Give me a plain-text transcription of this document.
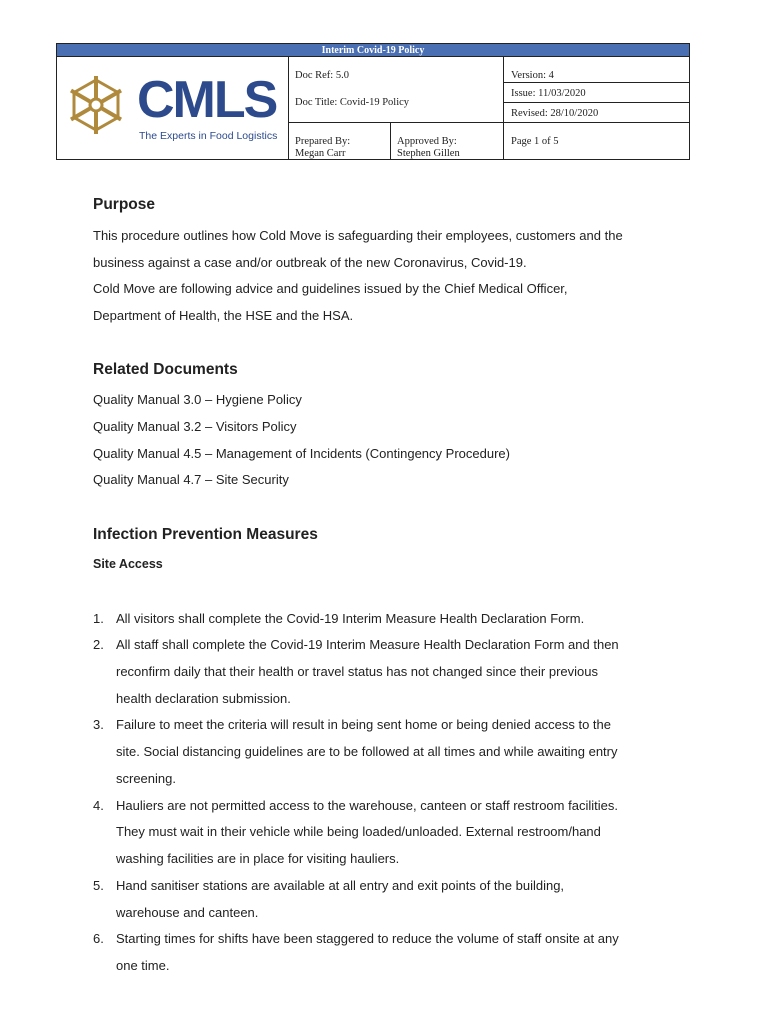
Interim Covid-19 Policy
CMLS
The Experts in Food Logistics
Doc Ref: 5.0	Version: 4
Issue: 11/03/2020
Doc Title: Covid-19 Policy
Revised: 28/10/2020
Prepared By:
Megan Carr
Approved By:
Stephen Gillen
Page 1 of 5
Purpose
This procedure outlines how Cold Move is safeguarding their employees, customers and the
business against a case and/or outbreak of the new Coronavirus, Covid-19.
Cold Move are following advice and guidelines issued by the Chief Medical Officer,
Department of Health, the HSE and the HSA.
Related Documents
Quality Manual 3.0 – Hygiene Policy
Quality Manual 3.2 – Visitors Policy
Quality Manual 4.5 – Management of Incidents (Contingency Procedure)
Quality Manual 4.7 – Site Security
Infection Prevention Measures
Site Access
1. All visitors shall complete the Covid-19 Interim Measure Health Declaration Form.
2. All staff shall complete the Covid-19 Interim Measure Health Declaration Form and then
reconfirm daily that their health or travel status has not changed since their previous
health declaration submission.
3. Failure to meet the criteria will result in being sent home or being denied access to the
site. Social distancing guidelines are to be followed at all times and while awaiting entry
screening.
4. Hauliers are not permitted access to the warehouse, canteen or staff restroom facilities.
They must wait in their vehicle while being loaded/unloaded. External restroom/hand
washing facilities are in place for visiting hauliers.
5. Hand sanitiser stations are available at all entry and exit points of the building,
warehouse and canteen.
6. Starting times for shifts have been staggered to reduce the volume of staff onsite at any
one time.
